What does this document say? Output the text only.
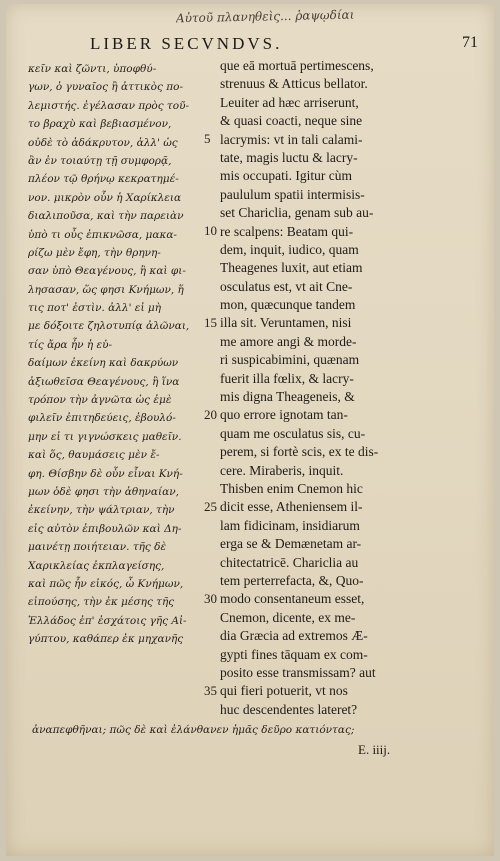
Αὐτοῦ πλανηθεὶς... ῥαψῳδίαι
LIBER SECVNDVS.	71
κεῖν καὶ ζῶντι, ὑποφθύ-
γων, ὁ γυναῖος ἢ ἀττικὸς πο-
λεμιστής. ἐγέλασαν πρὸς τοῦ-
το βραχὺ καὶ βεβιασμένον,
οὐδὲ τὸ ἀδάκρυτον, ἀλλ' ὡς
ἂν ἐν τοιαύτῃ τῇ συμφορᾷ,
πλέον τῷ θρήνῳ κεκρατημέ-
νον. μικρὸν οὖν ἡ Χαρίκλεια
διαλιποῦσα, καὶ τὴν παρειὰν
ὑπὸ τι οὖς ἐπικνῶσα, μακα-
ρίζω μὲν ἔφη, τὴν θρηνη-
σαν ὑπὸ Θεαγένους, ἢ καὶ φι-
λησασαν, ὥς φησι Κνήμων, ἥ
τις ποτ' ἐστὶν. ἀλλ' εἰ μὴ
με δόξοιτε ζηλοτυπίᾳ ἀλῶναι,
τίς ἄρα ἦν ἡ εὐ-
δαίμων ἐκείνη καὶ δακρύων
ἀξιωθεῖσα Θεαγένους, ἢ ἵνα
τρόπον τὴν ἀγνῶτα ὡς ἐμὲ
φιλεῖν ἐπιτηδεύεις, ἐβουλό-
μην εἰ τι γιγνώσκεις μαθεῖν.
καὶ ὅς, θαυμάσεις μὲν ἔ-
φη. Θίσβην δὲ οὖν εἶναι Κνή-
μων ὁδὲ φησι τὴν ἀθηναίαν,
ἐκείνην, τὴν ψάλτριαν, τὴν
εἰς αὐτὸν ἐπιβουλῶν καὶ Δη-
μαινέτῃ ποιήτειαν. τῆς δὲ
Χαρικλείας ἐκπλαγείσης,
καὶ πῶς ἦν εἰκός, ὦ Κνήμων,
εἰπούσης, τὴν ἐκ μέσης τῆς
Ἑλλάδος ἐπ' ἐσχάτοις γῆς Αἰ-
γύπτου, καθάπερ ἐκ μηχανῆς
5
10
15
20
25
30
35
que eā mortuā pertimescens,
strenuus & Atticus bellator.
Leuiter ad hæc arriserunt,
& quasi coacti, neque sine
lacrymis: vt in tali calami-
tate, magis luctu & lacry-
mis occupati. Igitur cùm
paululum spatii intermisis-
set Chariclia, genam sub au-
re scalpens: Beatam qui-
dem, inquit, iudico, quam
Theagenes luxit, aut etiam
osculatus est, vt ait Cne-
mon, quæcunque tandem
illa sit. Veruntamen, nisi
me amore angi & morde-
ri suspicabimini, quænam
fuerit illa fœlix, & lacry-
mis digna Theageneis, &
quo errore ignotam tan-
quam me osculatus sis, cu-
perem, si fortè scis, ex te dis-
cere. Miraberis, inquit.
Thisben enim Cnemon hic
dicit esse, Atheniensem il-
lam fidicinam, insidiarum
erga se & Demænetam ar-
chitectatricē. Chariclia au
tem perterrefacta, &, Quo-
modo consentaneum esset,
Cnemon, dicente, ex me-
dia Græcia ad extremos Æ-
gypti fines tāquam ex com-
posito esse transmissam? aut
qui fieri potuerit, vt nos
huc descendentes lateret?
ἀναπεφθῆναι; πῶς δὲ καὶ ἐλάνθανεν ἡμᾶς δεῦρο κατιόντας;
E. iiij.
